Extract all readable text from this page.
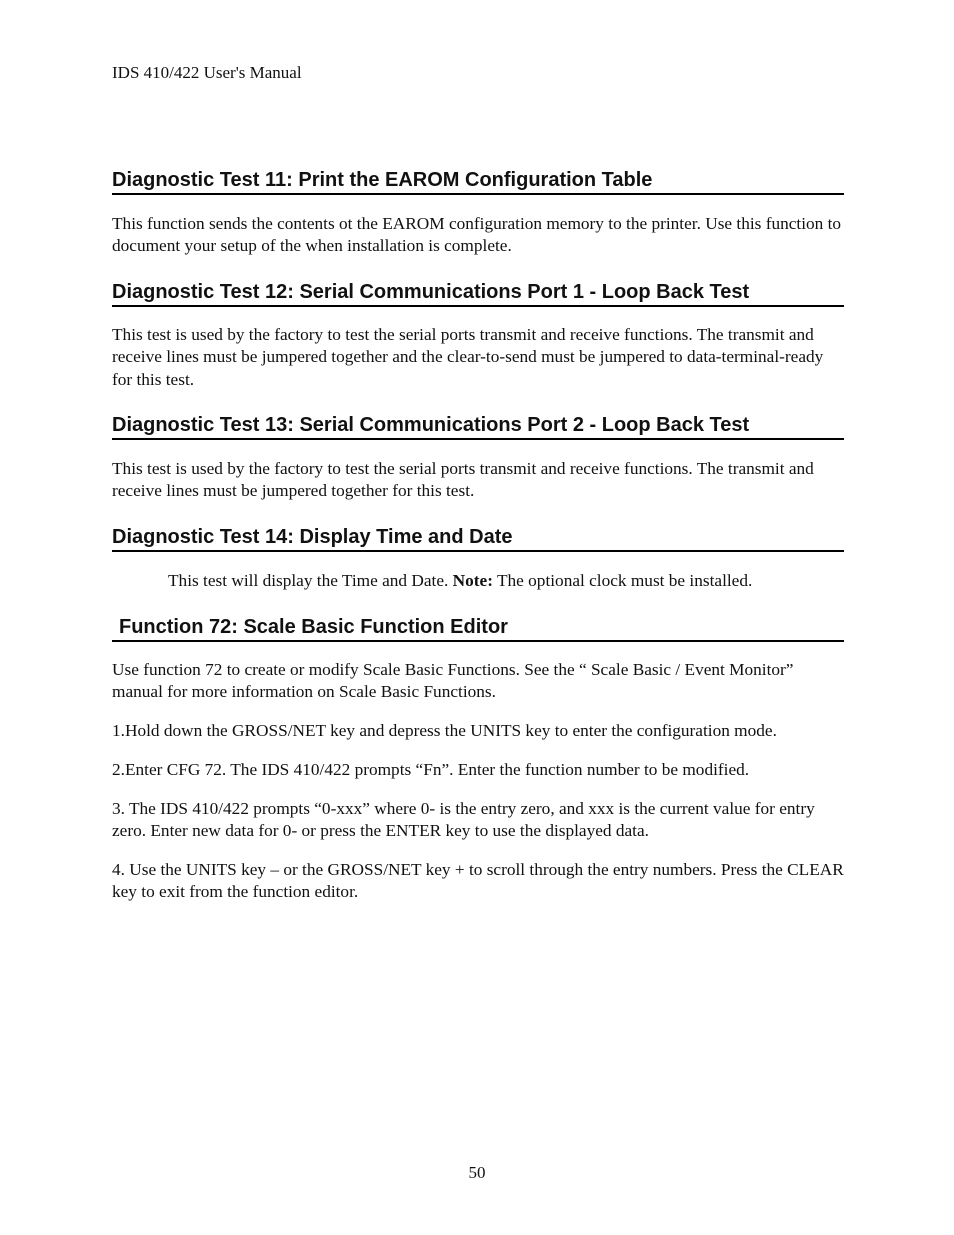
IDS 410/422 User's Manual
Diagnostic Test 11: Print the EAROM Configuration Table
This function sends the contents ot the EAROM configuration memory to the printer. Use this function to document your setup of the when installation is complete.
Diagnostic Test 12: Serial Communications Port 1 - Loop Back Test
This test is used by the factory to test the serial ports transmit and receive functions. The transmit and receive lines must be jumpered together and the clear-to-send must be jumpered to data-terminal-ready for this test.
Diagnostic Test 13: Serial Communications Port 2 - Loop Back Test
This test is used by the factory to test the serial ports transmit and receive functions. The transmit and receive lines must be jumpered together for this test.
Diagnostic Test 14: Display Time and Date
This test will display the Time and Date. Note: The optional clock must be installed.
Function 72: Scale Basic Function Editor
Use function 72 to create or modify Scale Basic Functions. See the “ Scale Basic / Event Monitor” manual for more information on Scale Basic Functions.
1.Hold down the GROSS/NET key and depress the UNITS key to enter the configuration mode.
2.Enter CFG 72. The IDS 410/422 prompts “Fn”. Enter the function number to be modified.
3. The IDS 410/422 prompts “0-xxx” where 0- is the entry zero, and xxx is the current value for entry zero. Enter new data for 0- or press the ENTER key to use the displayed data.
4. Use the UNITS key – or the GROSS/NET key + to scroll through the entry numbers. Press the CLEAR key to exit from the function editor.
50
